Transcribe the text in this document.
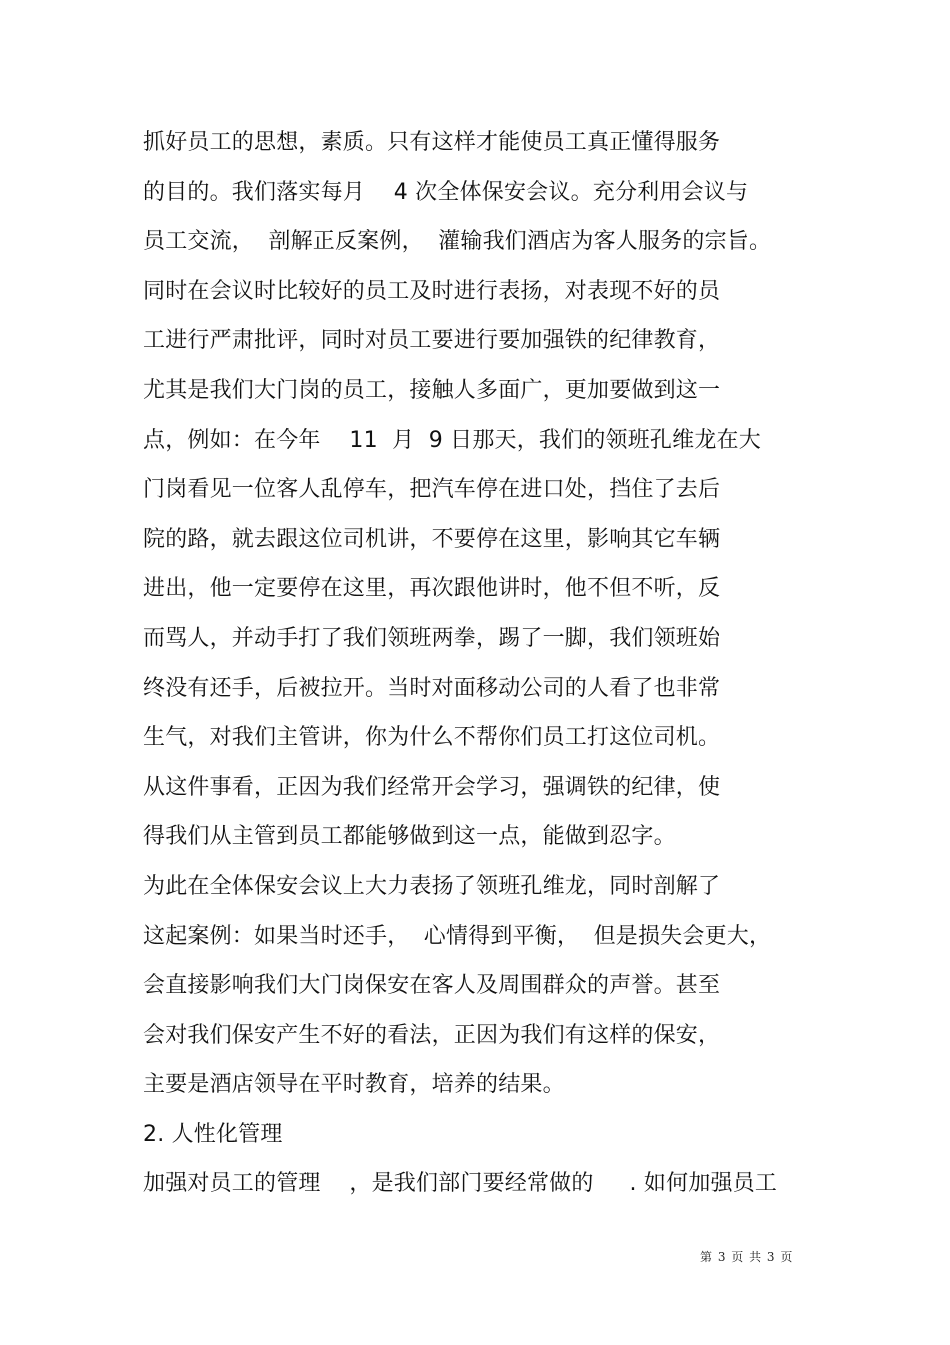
抓好员工的思想，素质。只有这样才能使员工真正懂得服务
的目的。我们落实每月    4 次全体保安会议。充分利用会议与
员工交流，  剖解正反案例，  灌输我们酒店为客人服务的宗旨。
同时在会议时比较好的员工及时进行表扬，对表现不好的员
工进行严肃批评，同时对员工要进行要加强铁的纪律教育，
尤其是我们大门岗的员工，接触人多面广，更加要做到这一
点，例如：在今年    11  月  9 日那天，我们的领班孔维龙在大
门岗看见一位客人乱停车，把汽车停在进口处，挡住了去后
院的路，就去跟这位司机讲，不要停在这里，影响其它车辆
进出，他一定要停在这里，再次跟他讲时，他不但不听，反
而骂人，并动手打了我们领班两拳，踢了一脚，我们领班始
终没有还手，后被拉开。当时对面移动公司的人看了也非常
生气，对我们主管讲，你为什么不帮你们员工打这位司机。
从这件事看，正因为我们经常开会学习，强调铁的纪律，使
得我们从主管到员工都能够做到这一点，能做到忍字。
为此在全体保安会议上大力表扬了领班孔维龙，同时剖解了
这起案例：如果当时还手，  心情得到平衡，  但是损失会更大，
会直接影响我们大门岗保安在客人及周围群众的声誉。甚至
会对我们保安产生不好的看法，正因为我们有这样的保安，
主要是酒店领导在平时教育，培养的结果。
2. 人性化管理
加强对员工的管理    ，是我们部门要经常做的     . 如何加强员工
第 3 页 共 3 页
